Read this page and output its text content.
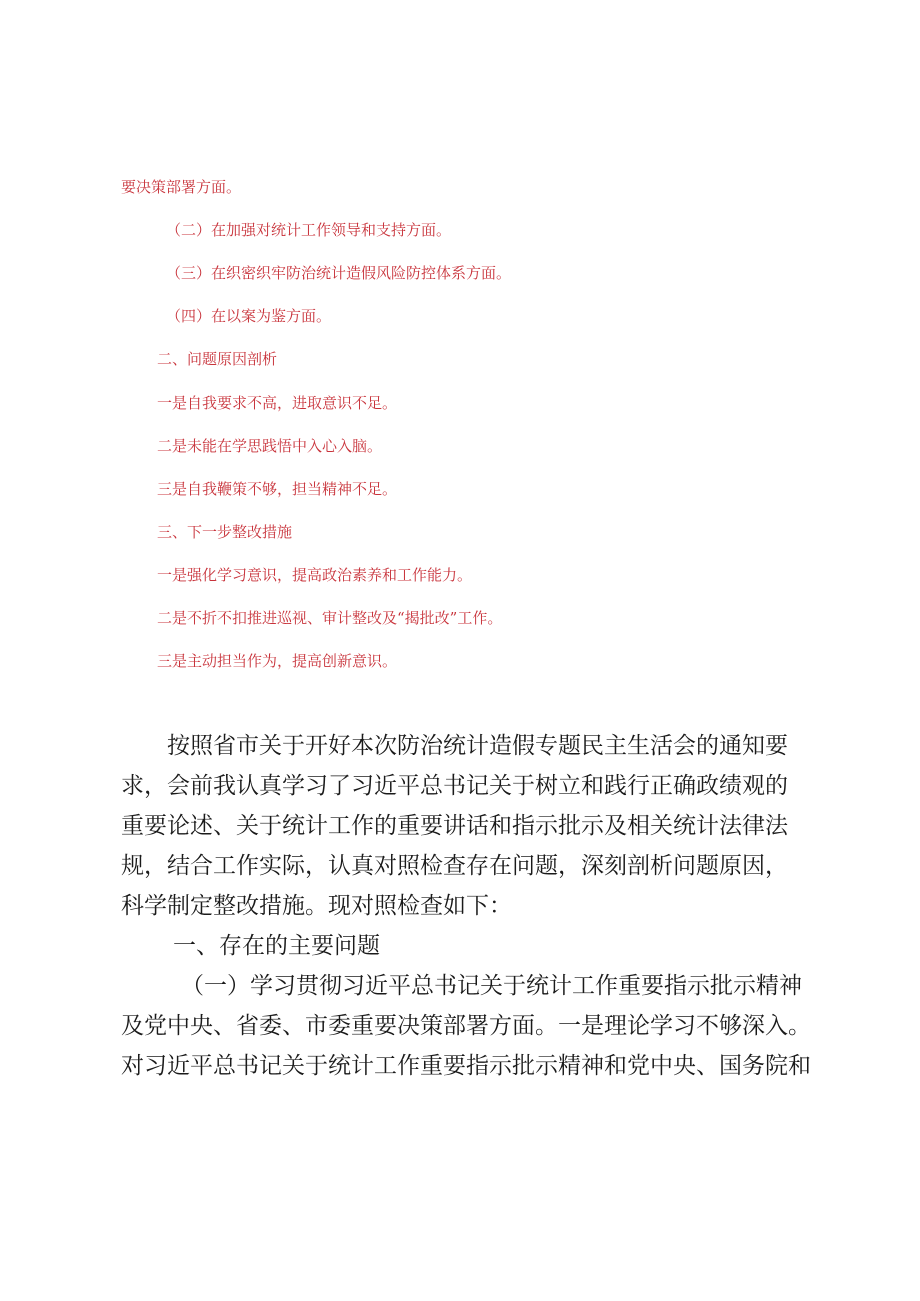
要决策部署方面。

（二）在加强对统计工作领导和支持方面。

（三）在织密织牢防治统计造假风险防控体系方面。

（四）在以案为鉴方面。

二、问题原因剖析

一是自我要求不高，进取意识不足。

二是未能在学思践悟中入心入脑。

三是自我鞭策不够，担当精神不足。

三、下一步整改措施

一是强化学习意识，提高政治素养和工作能力。

二是不折不扣推进巡视、审计整改及“揭批改”工作。

三是主动担当作为，提高创新意识。

按照省市关于开好本次防治统计造假专题民主生活会的通知要

求，会前我认真学习了习近平总书记关于树立和践行正确政绩观的

重要论述、关于统计工作的重要讲话和指示批示及相关统计法律法

规，结合工作实际，认真对照检查存在问题，深刻剖析问题原因，

科学制定整改措施。现对照检查如下：

一、存在的主要问题

（一）学习贯彻习近平总书记关于统计工作重要指示批示精神

及党中央、省委、市委重要决策部署方面。一是理论学习不够深入。

对习近平总书记关于统计工作重要指示批示精神和党中央、国务院和
